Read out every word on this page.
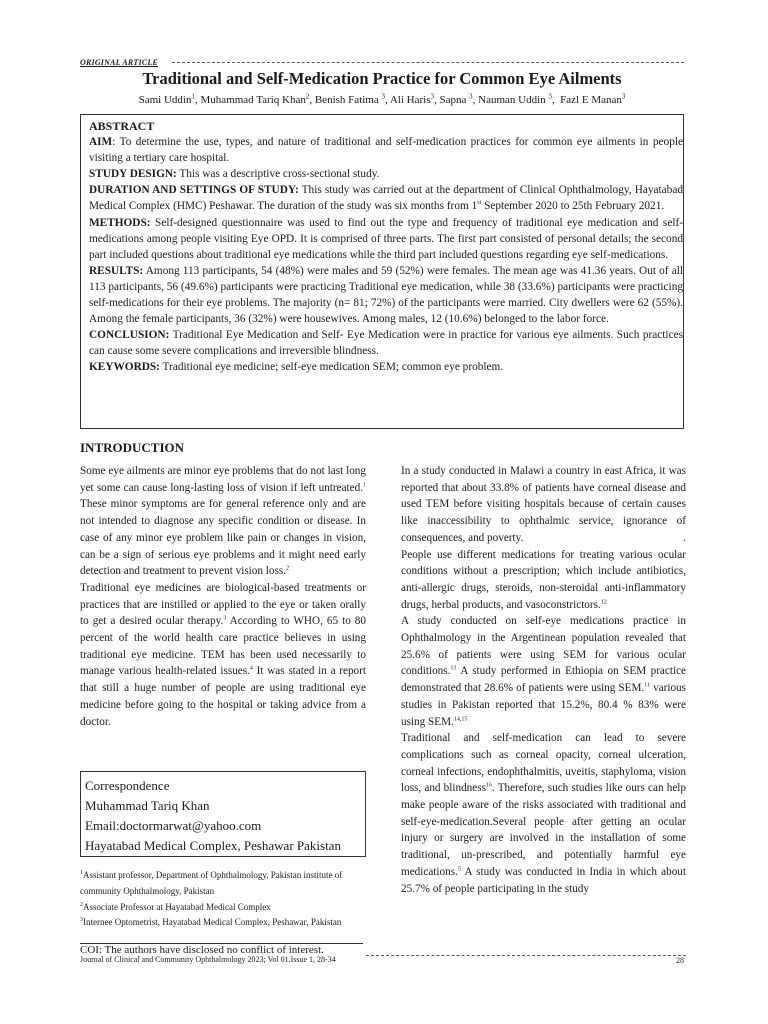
ORIGINAL ARTICLE
Traditional and Self-Medication Practice for Common Eye Ailments
Sami Uddin$^1$, Muhammad Tariq Khan$^2$, Benish Fatima $^3$, Ali Haris$^3$, Sapna $^3$, Nauman Uddin $^3$,  Fazl E Manan$^3$

ABSTRACT

AIM: To determine the use, types, and nature of traditional and self-medication practices for common eye ailments in people visiting a tertiary care hospital.

STUDY DESIGN: This was a descriptive cross-sectional study.

DURATION AND SETTINGS OF STUDY: This study was carried out at the department of Clinical Ophthalmology, Hayatabad Medical Complex (HMC) Peshawar. The duration of the study was six months from 1st September 2020 to 25th February 2021.

METHODS: Self-designed questionnaire was used to find out the type and frequency of traditional eye medication and self-medications among people visiting Eye OPD. It is comprised of three parts. The first part consisted of personal details; the second part included questions about traditional eye medications while the third part included questions regarding eye self-medications.

RESULTS: Among 113 participants, 54 (48%) were males and 59 (52%) were females. The mean age was 41.36 years. Out of all 113 participants, 56 (49.6%) participants were practicing Traditional eye medication, while 38 (33.6%) participants were practicing self-medications for their eye problems. The majority (n= 81; 72%) of the participants were married. City dwellers were 62 (55%). Among the female participants, 36 (32%) were housewives. Among males, 12 (10.6%) belonged to the labor force.

CONCLUSION: Traditional Eye Medication and Self- Eye Medication were in practice for various eye ailments. Such practices can cause some severe complications and irreversible blindness.

KEYWORDS: Traditional eye medicine; self-eye medication SEM; common eye problem.

INTRODUCTION

Some eye ailments are minor eye problems that do not last long yet some can cause long-lasting loss of vision if left untreated.$^1$ These minor symptoms are for general reference only and are not intended to diagnose any specific condition or disease. In case of any minor eye problem like pain or changes in vision, can be a sign of serious eye problems and it might need early detection and treatment to prevent vision loss.$^2$

Traditional eye medicines are biological-based treatments or practices that are instilled or applied to the eye or taken orally to get a desired ocular therapy.$^3$ According to WHO, 65 to 80 percent of the world health care practice believes in using traditional eye medicine. TEM has been used necessarily to manage various health-related issues.$^4$ It was stated in a report that still a huge number of people are using traditional eye medicine before going to the hospital or taking advice from a doctor.

In a study conducted in Malawi a country in east Africa, it was reported that about 33.8% of patients have corneal disease and used TEM before visiting hospitals because of certain causes like inaccessibility to ophthalmic service, ignorance of consequences, and poverty.	.

People use different medications for treating various ocular conditions without a prescription; which include antibiotics, anti-allergic drugs, steroids, non-steroidal anti-inflammatory drugs, herbal products, and vasoconstrictors.$^{12}$

A study conducted on self-eye medications practice in Ophthalmology in the Argentinean population revealed that 25.6% of patients were using SEM for various ocular conditions.$^{13}$ A study performed in Ethiopia on SEM practice demonstrated that 28.6% of patients were using SEM.$^{11}$ various studies in Pakistan reported that 15.2%, 80.4 % 83% were using SEM.$^{14,15}$

Traditional and self-medication can lead to severe complications such as corneal opacity, corneal ulceration, corneal infections, endophthalmitis, uveitis, staphyloma, vision loss, and blindness$^{16}$. Therefore, such studies like ours can help make people aware of the risks associated with traditional and self-eye-medication.Several people after getting an ocular injury or surgery are involved in the installation of some traditional, un-prescribed, and potentially harmful eye medications.$^5$ A study was conducted in India in which about 25.7% of people participating in the study

Correspondence
Muhammad Tariq Khan
Email:doctormarwat@yahoo.com
Hayatabad Medical Complex, Peshawar Pakistan
$^1$Assistant professor, Department of Ophthalmology, Pakistan institute of community Ophthalmology, Pakistan
$^2$Associate Professor at Hayatabad Medical Complex
$^3$Internee Optometrist, Hayatabad Medical Complex, Peshawar, Pakistan
COI: The authors have disclosed no conflict of interest.
Journal of Clinical and Community Ophthalmology 2023; Vol 01.Issue 1, 28-34	28
